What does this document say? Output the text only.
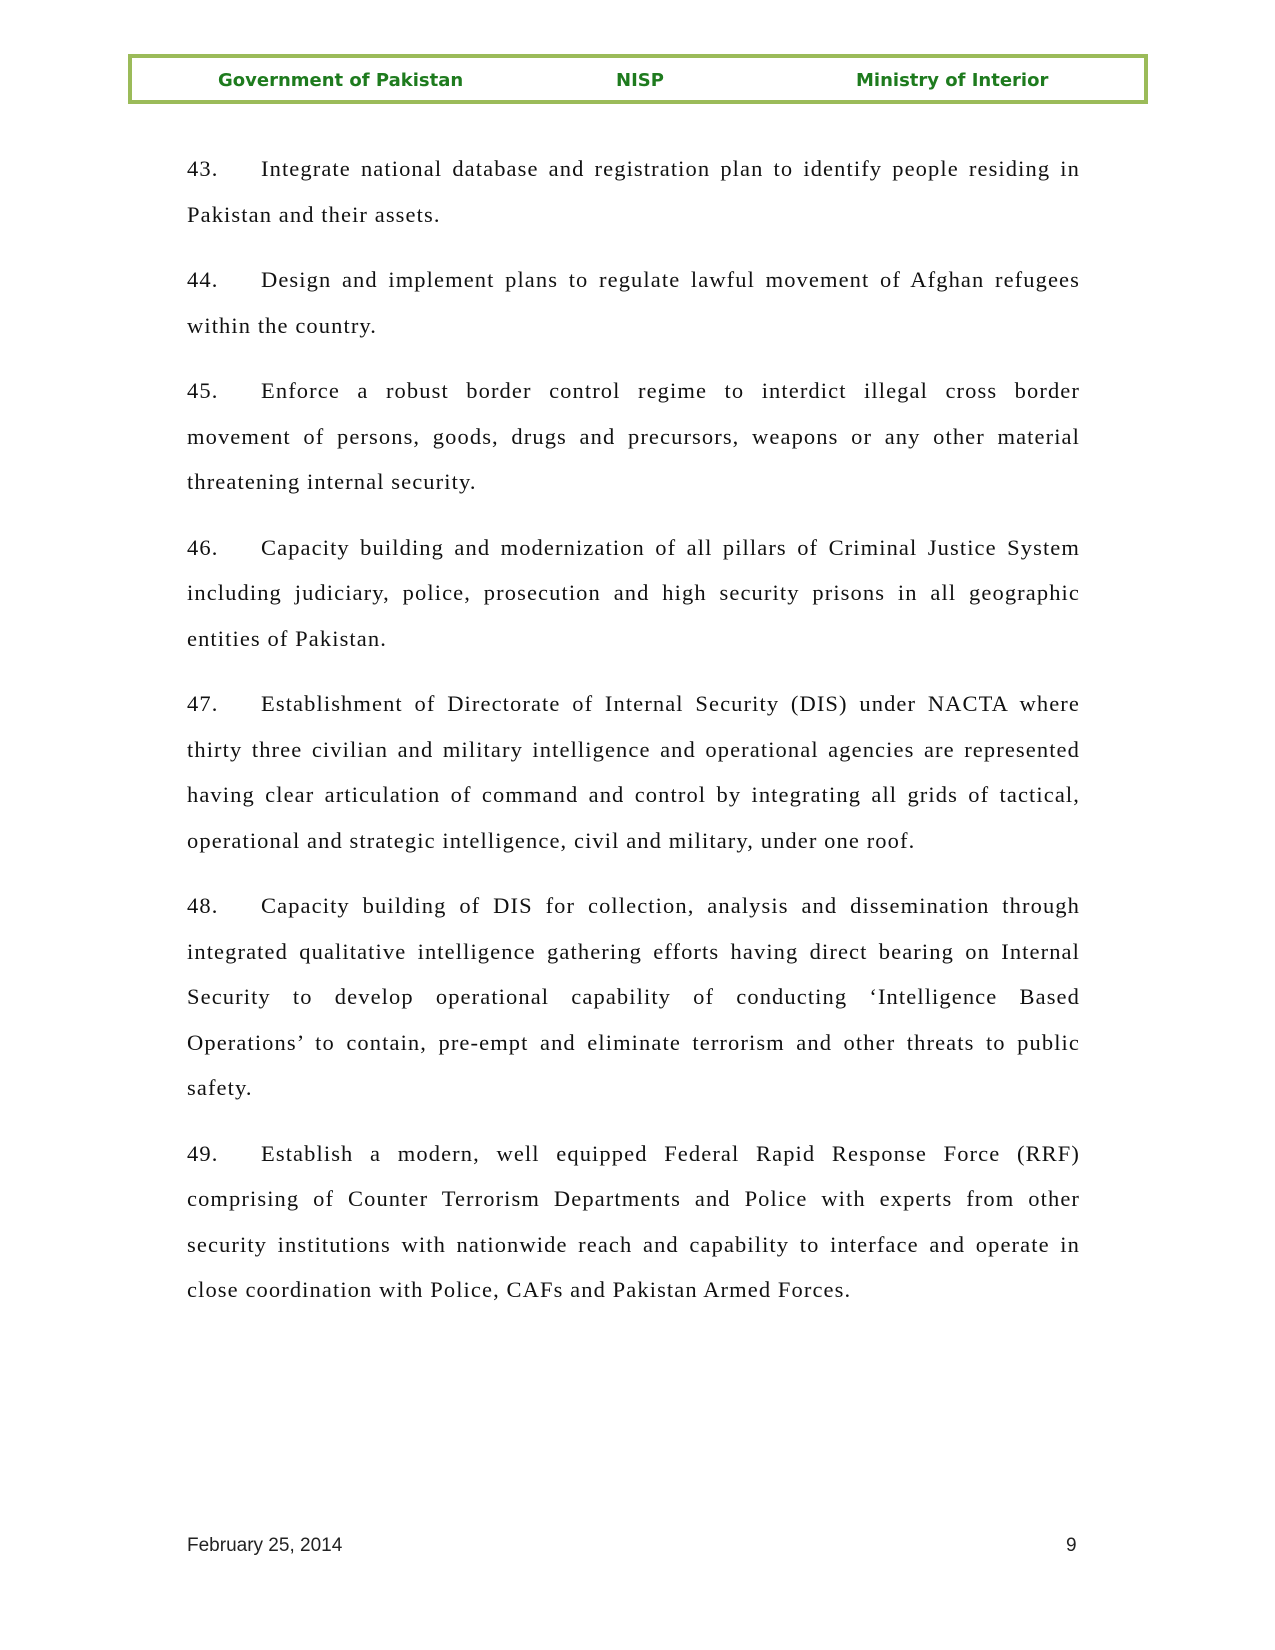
Government of Pakistan	NISP	Ministry of Interior

43. Integrate national database and registration plan to identify people residing in Pakistan and their assets.

44. Design and implement plans to regulate lawful movement of Afghan refugees within the country.

45. Enforce a robust border control regime to interdict illegal cross border movement of persons, goods, drugs and precursors, weapons or any other material threatening internal security.

46. Capacity building and modernization of all pillars of Criminal Justice System including judiciary, police, prosecution and high security prisons in all geographic entities of Pakistan.

47. Establishment of Directorate of Internal Security (DIS) under NACTA where thirty three civilian and military intelligence and operational agencies are represented having clear articulation of command and control by integrating all grids of tactical, operational and strategic intelligence, civil and military, under one roof.

48. Capacity building of DIS for collection, analysis and dissemination through integrated qualitative intelligence gathering efforts having direct bearing on Internal Security to develop operational capability of conducting ‘Intelligence Based Operations’ to contain, pre-empt and eliminate terrorism and other threats to public safety.

49. Establish a modern, well equipped Federal Rapid Response Force (RRF) comprising of Counter Terrorism Departments and Police with experts from other security institutions with nationwide reach and capability to interface and operate in close coordination with Police, CAFs and Pakistan Armed Forces.

February 25, 2014	9
